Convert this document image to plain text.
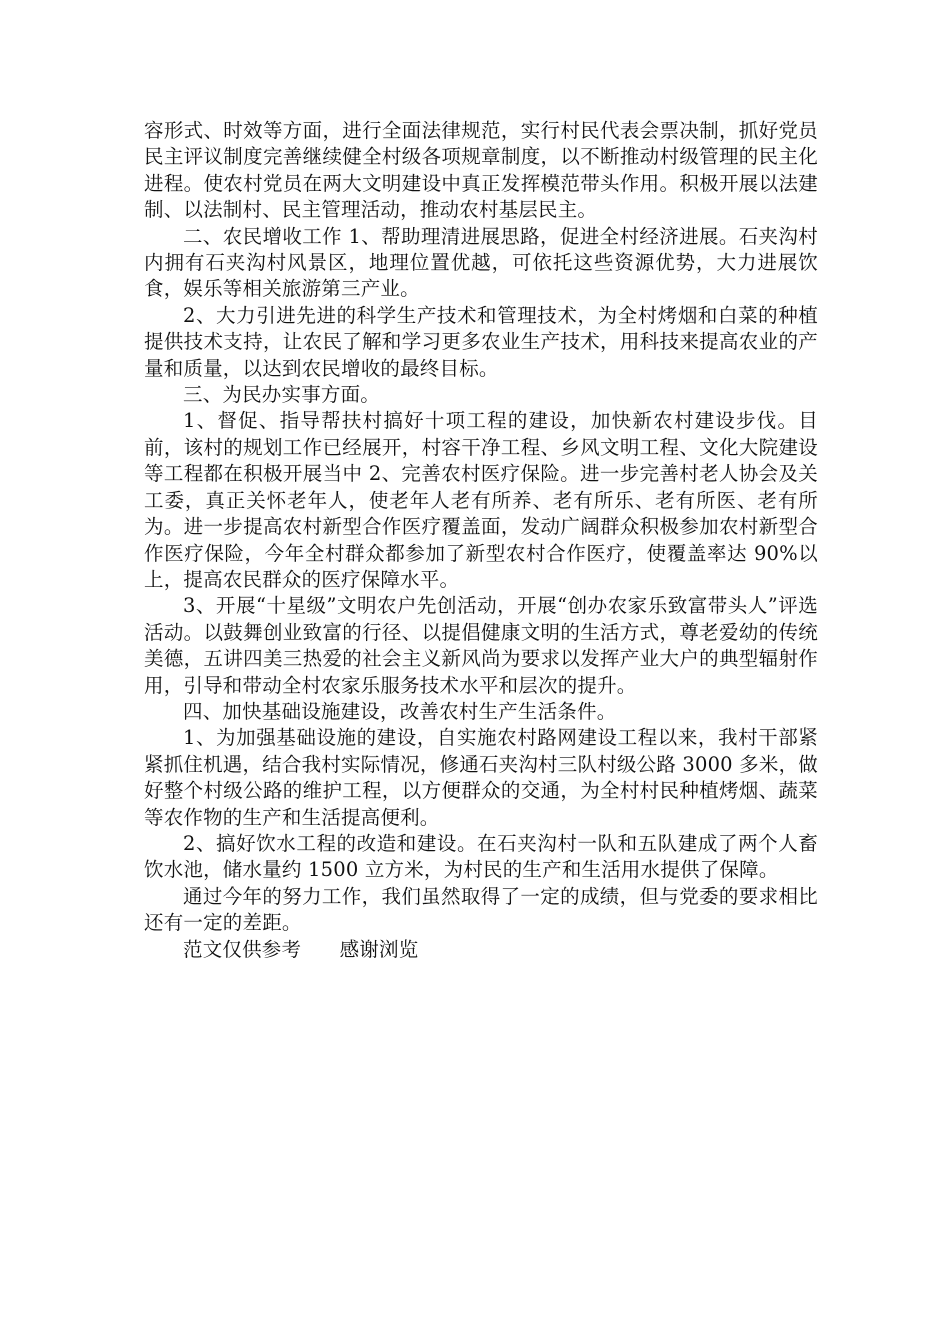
容形式、时效等方面，进行全面法律规范，实行村民代表会票决制，抓好党员民主评议制度完善继续健全村级各项规章制度，以不断推动村级管理的民主化进程。使农村党员在两大文明建设中真正发挥模范带头作用。积极开展以法建制、以法制村、民主管理活动，推动农村基层民主。

二、农民增收工作 1、帮助理清进展思路，促进全村经济进展。石夹沟村内拥有石夹沟村风景区，地理位置优越，可依托这些资源优势，大力进展饮食，娱乐等相关旅游第三产业。

2、大力引进先进的科学生产技术和管理技术，为全村烤烟和白菜的种植提供技术支持，让农民了解和学习更多农业生产技术，用科技来提高农业的产量和质量，以达到农民增收的最终目标。

三、为民办实事方面。

1、督促、指导帮扶村搞好十项工程的建设，加快新农村建设步伐。目前，该村的规划工作已经展开，村容干净工程、乡风文明工程、文化大院建设等工程都在积极开展当中 2、完善农村医疗保险。进一步完善村老人协会及关工委，真正关怀老年人，使老年人老有所养、老有所乐、老有所医、老有所为。进一步提高农村新型合作医疗覆盖面，发动广阔群众积极参加农村新型合作医疗保险，今年全村群众都参加了新型农村合作医疗，使覆盖率达 90%以上，提高农民群众的医疗保障水平。

3、开展“十星级”文明农户先创活动，开展“创办农家乐致富带头人”评选活动。以鼓舞创业致富的行径、以提倡健康文明的生活方式，尊老爱幼的传统美德，五讲四美三热爱的社会主义新风尚为要求以发挥产业大户的典型辐射作用，引导和带动全村农家乐服务技术水平和层次的提升。

四、加快基础设施建设，改善农村生产生活条件。

1、为加强基础设施的建设，自实施农村路网建设工程以来，我村干部紧紧抓住机遇，结合我村实际情况，修通石夹沟村三队村级公路 3000 多米，做好整个村级公路的维护工程，以方便群众的交通，为全村村民种植烤烟、蔬菜等农作物的生产和生活提高便利。

2、搞好饮水工程的改造和建设。在石夹沟村一队和五队建成了两个人畜饮水池，储水量约 1500 立方米，为村民的生产和生活用水提供了保障。

通过今年的努力工作，我们虽然取得了一定的成绩，但与党委的要求相比还有一定的差距。

范文仅供参考 感谢浏览
